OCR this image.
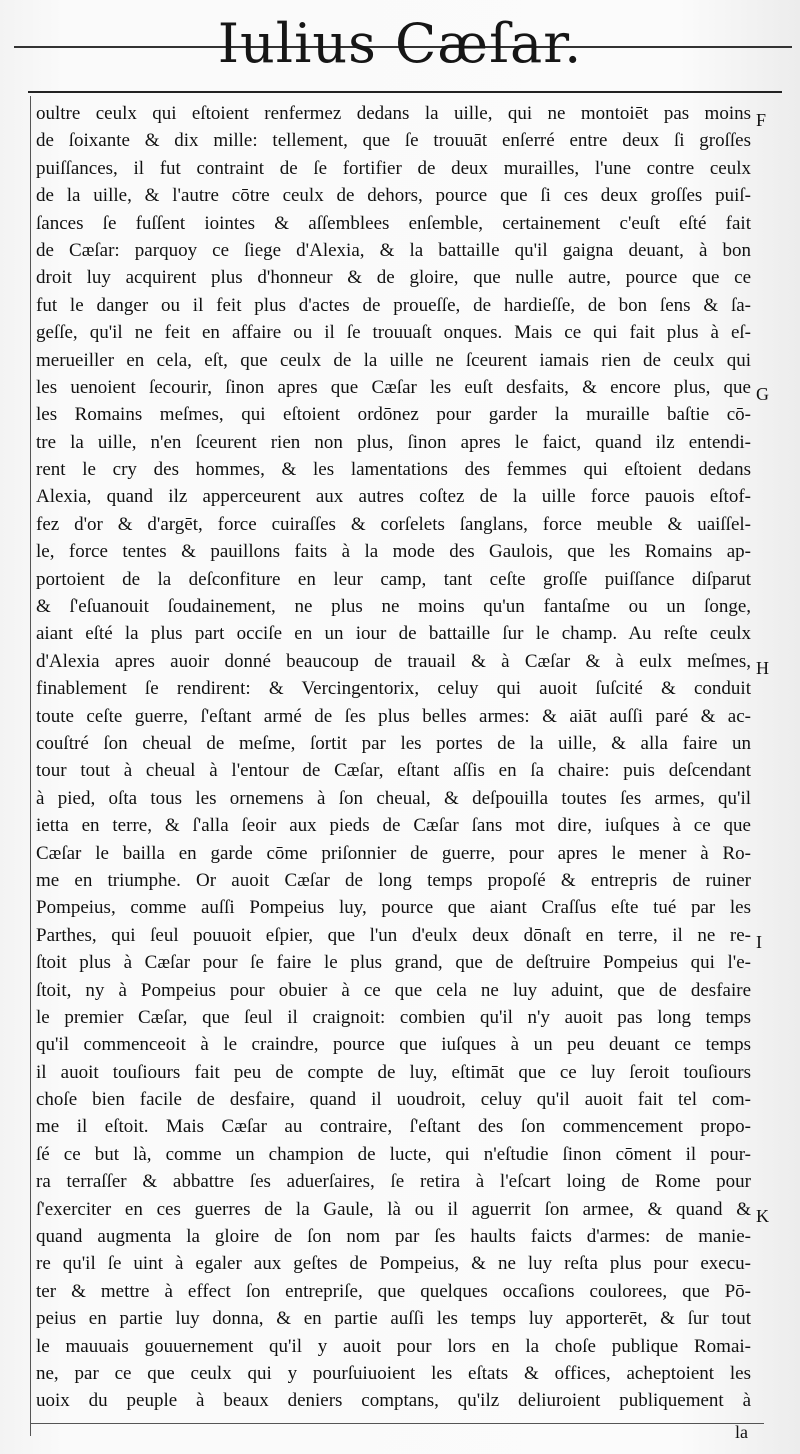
Iulius Cæſar.
oultre ceulx qui eſtoient renfermez dedans la uille, qui ne montoiēt pas moins
de ſoixante & dix mille: tellement, que ſe trouuāt enſerré entre deux ſi groſſes
puiſſances, il fut contraint de ſe fortifier de deux murailles, l'une contre ceulx
de la uille, & l'autre cōtre ceulx de dehors, pource que ſi ces deux groſſes puiſ-
ſances ſe fuſſent iointes & aſſemblees enſemble, certainement c'euſt eſté fait
de Cæſar: parquoy ce ſiege d'Alexia, & la battaille qu'il gaigna deuant, à bon
droit luy acquirent plus d'honneur & de gloire, que nulle autre, pource que ce
fut le danger ou il feit plus d'actes de proueſſe, de hardieſſe, de bon ſens & ſa-
geſſe, qu'il ne feit en affaire ou il ſe trouuaſt onques. Mais ce qui fait plus à eſ-
merueiller en cela, eſt, que ceulx de la uille ne ſceurent iamais rien de ceulx qui
les uenoient ſecourir, ſinon apres que Cæſar les euſt desfaits, & encore plus, que
les Romains meſmes, qui eſtoient ordōnez pour garder la muraille baſtie cō-
tre la uille, n'en ſceurent rien non plus, ſinon apres le faict, quand ilz entendi-
rent le cry des hommes, & les lamentations des femmes qui eſtoient dedans
Alexia, quand ilz apperceurent aux autres coſtez de la uille force pauois eſtof-
fez d'or & d'argēt, force cuiraſſes & corſelets ſanglans, force meuble & uaiſſel-
le, force tentes & pauillons faits à la mode des Gaulois, que les Romains ap-
portoient de la deſconfiture en leur camp, tant ceſte groſſe puiſſance diſparut
& ſ'eſuanouit ſoudainement, ne plus ne moins qu'un fantaſme ou un ſonge,
aiant eſté la plus part occiſe en un iour de battaille ſur le champ. Au reſte ceulx
d'Alexia apres auoir donné beaucoup de trauail & à Cæſar & à eulx meſmes,
finablement ſe rendirent: & Vercingentorix, celuy qui auoit ſuſcité & conduit
toute ceſte guerre, ſ'eſtant armé de ſes plus belles armes: & aiāt auſſi paré & ac-
couſtré ſon cheual de meſme, ſortit par les portes de la uille, & alla faire un
tour tout à cheual à l'entour de Cæſar, eſtant aſſis en ſa chaire: puis deſcendant
à pied, oſta tous les ornemens à ſon cheual, & deſpouilla toutes ſes armes, qu'il
ietta en terre, & ſ'alla ſeoir aux pieds de Cæſar ſans mot dire, iuſques à ce que
Cæſar le bailla en garde cōme priſonnier de guerre, pour apres le mener à Ro-
me en triumphe. Or auoit Cæſar de long temps propoſé & entrepris de ruiner
Pompeius, comme auſſi Pompeius luy, pource que aiant Craſſus eſte tué par les
Parthes, qui ſeul pouuoit eſpier, que l'un d'eulx deux dōnaſt en terre, il ne re-
ſtoit plus à Cæſar pour ſe faire le plus grand, que de deſtruire Pompeius qui l'e-
ſtoit, ny à Pompeius pour obuier à ce que cela ne luy aduint, que de desfaire
le premier Cæſar, que ſeul il craignoit: combien qu'il n'y auoit pas long temps
qu'il commenceoit à le craindre, pource que iuſques à un peu deuant ce temps
il auoit touſiours fait peu de compte de luy, eſtimāt que ce luy ſeroit touſiours
choſe bien facile de desfaire, quand il uoudroit, celuy qu'il auoit fait tel com-
me il eſtoit. Mais Cæſar au contraire, ſ'eſtant des ſon commencement propo-
ſé ce but là, comme un champion de lucte, qui n'eſtudie ſinon cōment il pour-
ra terraſſer & abbattre ſes aduerſaires, ſe retira à l'eſcart loing de Rome pour
ſ'exerciter en ces guerres de la Gaule, là ou il aguerrit ſon armee, & quand &
quand augmenta la gloire de ſon nom par ſes haults faicts d'armes: de manie-
re qu'il ſe uint à egaler aux geſtes de Pompeius, & ne luy reſta plus pour execu-
ter & mettre à effect ſon entrepriſe, que quelques occaſions coulorees, que Pō-
peius en partie luy donna, & en partie auſſi les temps luy apporterēt, & ſur tout
le mauuais gouuernement qu'il y auoit pour lors en la choſe publique Romai-
ne, par ce que ceulx qui y pourſuiuoient les eſtats & offices, acheptoient les
uoix du peuple à beaux deniers comptans, qu'ilz deliuroient publiquement à
F
G
H
I
K
la
